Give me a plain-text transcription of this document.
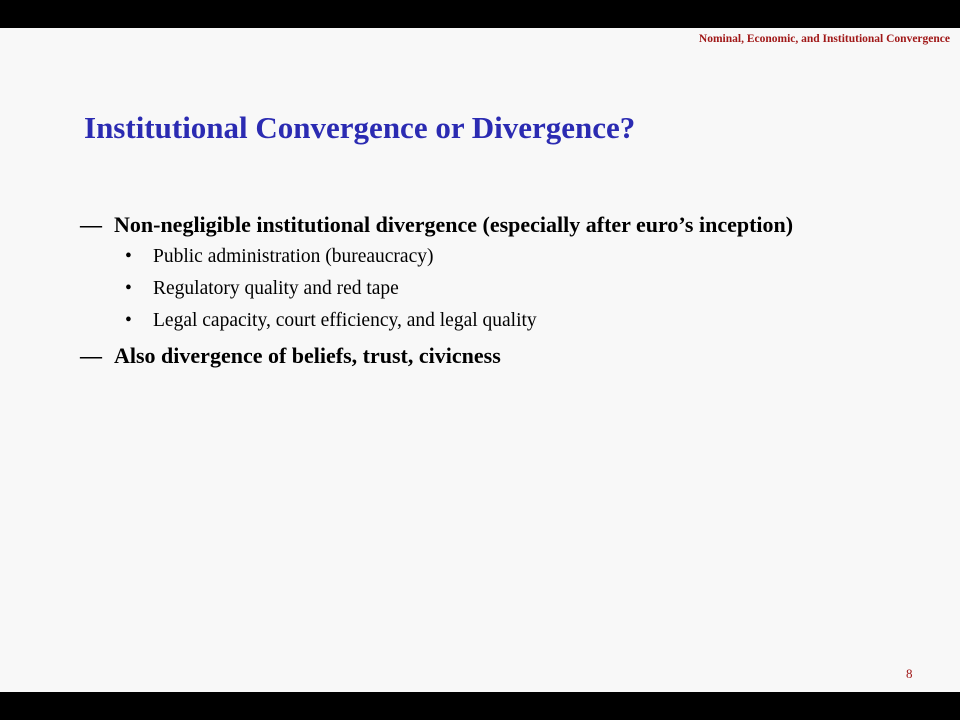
Nominal, Economic, and Institutional Convergence
Institutional Convergence or Divergence?
— Non-negligible institutional divergence (especially after euro’s inception)
• Public administration (bureaucracy)
• Regulatory quality and red tape
• Legal capacity, court efficiency, and legal quality
— Also divergence of beliefs, trust, civicness
8
